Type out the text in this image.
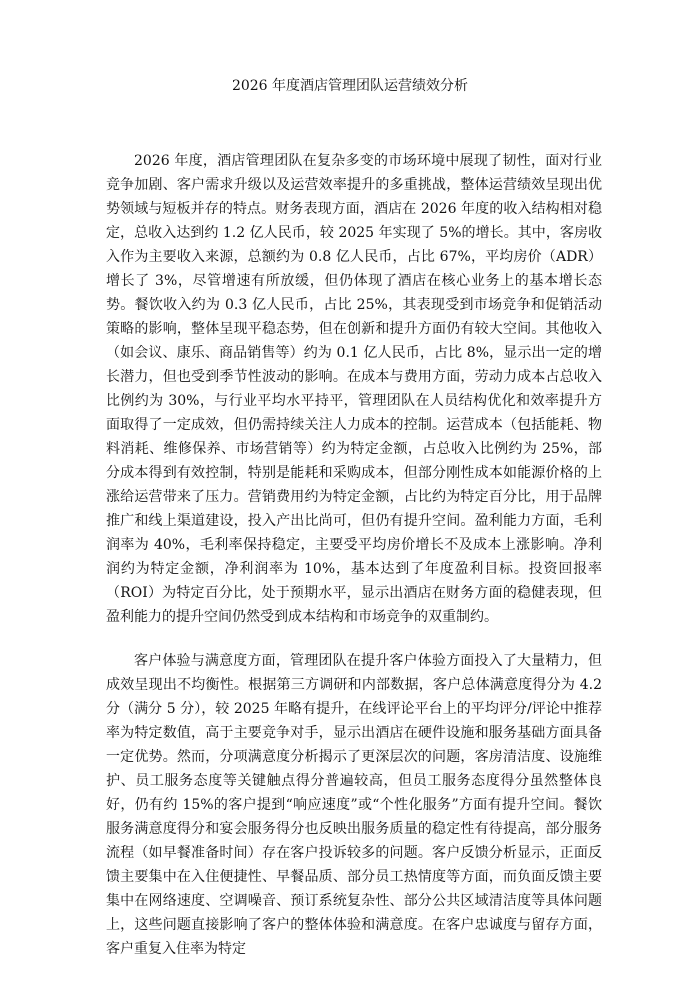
2026 年度酒店管理团队运营绩效分析

2026 年度，酒店管理团队在复杂多变的市场环境中展现了韧性，面对行业竞争加剧、客户需求升级以及运营效率提升的多重挑战，整体运营绩效呈现出优势领域与短板并存的特点。财务表现方面，酒店在 2026 年度的收入结构相对稳定，总收入达到约 1.2 亿人民币，较 2025 年实现了 5%的增长。其中，客房收入作为主要收入来源，总额约为 0.8 亿人民币，占比 67%，平均房价（ADR）增长了 3%，尽管增速有所放缓，但仍体现了酒店在核心业务上的基本增长态势。餐饮收入约为 0.3 亿人民币，占比 25%，其表现受到市场竞争和促销活动策略的影响，整体呈现平稳态势，但在创新和提升方面仍有较大空间。其他收入（如会议、康乐、商品销售等）约为 0.1 亿人民币，占比 8%，显示出一定的增长潜力，但也受到季节性波动的影响。在成本与费用方面，劳动力成本占总收入比例约为 30%，与行业平均水平持平，管理团队在人员结构优化和效率提升方面取得了一定成效，但仍需持续关注人力成本的控制。运营成本（包括能耗、物料消耗、维修保养、市场营销等）约为特定金额，占总收入比例约为 25%，部分成本得到有效控制，特别是能耗和采购成本，但部分刚性成本如能源价格的上涨给运营带来了压力。营销费用约为特定金额，占比约为特定百分比，用于品牌推广和线上渠道建设，投入产出比尚可，但仍有提升空间。盈利能力方面，毛利润率为 40%，毛利率保持稳定，主要受平均房价增长不及成本上涨影响。净利润约为特定金额，净利润率为 10%，基本达到了年度盈利目标。投资回报率（ROI）为特定百分比，处于预期水平，显示出酒店在财务方面的稳健表现，但盈利能力的提升空间仍然受到成本结构和市场竞争的双重制约。

客户体验与满意度方面，管理团队在提升客户体验方面投入了大量精力，但成效呈现出不均衡性。根据第三方调研和内部数据，客户总体满意度得分为 4.2 分（满分 5 分），较 2025 年略有提升，在线评论平台上的平均评分/评论中推荐率为特定数值，高于主要竞争对手，显示出酒店在硬件设施和服务基础方面具备一定优势。然而，分项满意度分析揭示了更深层次的问题，客房清洁度、设施维护、员工服务态度等关键触点得分普遍较高，但员工服务态度得分虽然整体良好，仍有约 15%的客户提到“响应速度”或“个性化服务”方面有提升空间。餐饮服务满意度得分和宴会服务得分也反映出服务质量的稳定性有待提高，部分服务流程（如早餐准备时间）存在客户投诉较多的问题。客户反馈分析显示，正面反馈主要集中在入住便捷性、早餐品质、部分员工热情度等方面，而负面反馈主要集中在网络速度、空调噪音、预订系统复杂性、部分公共区域清洁度等具体问题上，这些问题直接影响了客户的整体体验和满意度。在客户忠诚度与留存方面，客户重复入住率为特定
